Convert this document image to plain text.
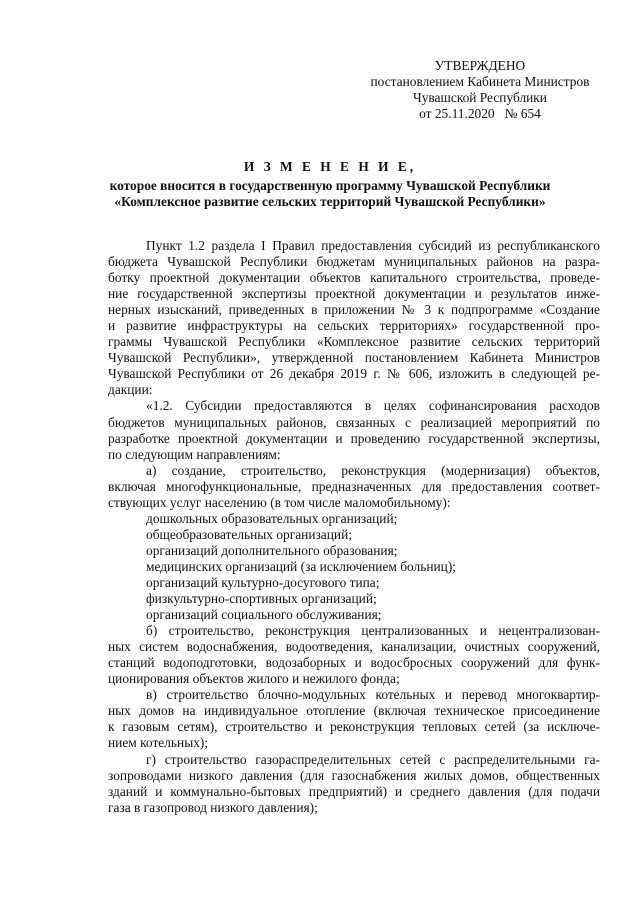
УТВЕРЖДЕНО
постановлением Кабинета Министров
Чувашской Республики
от 25.11.2020   № 654
И З М Е Н Е Н И Е,
которое вносится в государственную программу Чувашской Республики
«Комплексное развитие сельских территорий Чувашской Республики»
Пункт 1.2 раздела I Правил предоставления субсидий из республиканского
бюджета Чувашской Республики бюджетам муниципальных районов на разра-
ботку проектной документации объектов капитального строительства, проведе-
ние государственной экспертизы проектной документации и результатов инже-
нерных изысканий, приведенных в приложении № 3 к подпрограмме «Создание
и развитие инфраструктуры на сельских территориях» государственной про-
граммы Чувашской Республики «Комплексное развитие сельских территорий
Чувашской Республики», утвержденной постановлением Кабинета Министров
Чувашской Республики от 26 декабря 2019 г. № 606, изложить в следующей ре-
дакции:
«1.2. Субсидии предоставляются в целях софинансирования расходов
бюджетов муниципальных районов, связанных с реализацией мероприятий по
разработке проектной документации и проведению государственной экспертизы,
по следующим направлениям:
а) создание, строительство, реконструкция (модернизация) объектов,
включая многофункциональные, предназначенных для предоставления соответ-
ствующих услуг населению (в том числе маломобильному):
дошкольных образовательных организаций;
общеобразовательных организаций;
организаций дополнительного образования;
медицинских организаций (за исключением больниц);
организаций культурно-досугового типа;
физкультурно-спортивных организаций;
организаций социального обслуживания;
б) строительство, реконструкция централизованных и нецентрализован-
ных систем водоснабжения, водоотведения, канализации, очистных сооружений,
станций водоподготовки, водозаборных и водосбросных сооружений для функ-
ционирования объектов жилого и нежилого фонда;
в) строительство блочно-модульных котельных и перевод многоквартир-
ных домов на индивидуальное отопление (включая техническое присоединение
к газовым сетям), строительство и реконструкция тепловых сетей (за исключе-
нием котельных);
г) строительство газораспределительных сетей с распределительными га-
зопроводами низкого давления (для газоснабжения жилых домов, общественных
зданий и коммунально-бытовых предприятий) и среднего давления (для подачи
газа в газопровод низкого давления);
